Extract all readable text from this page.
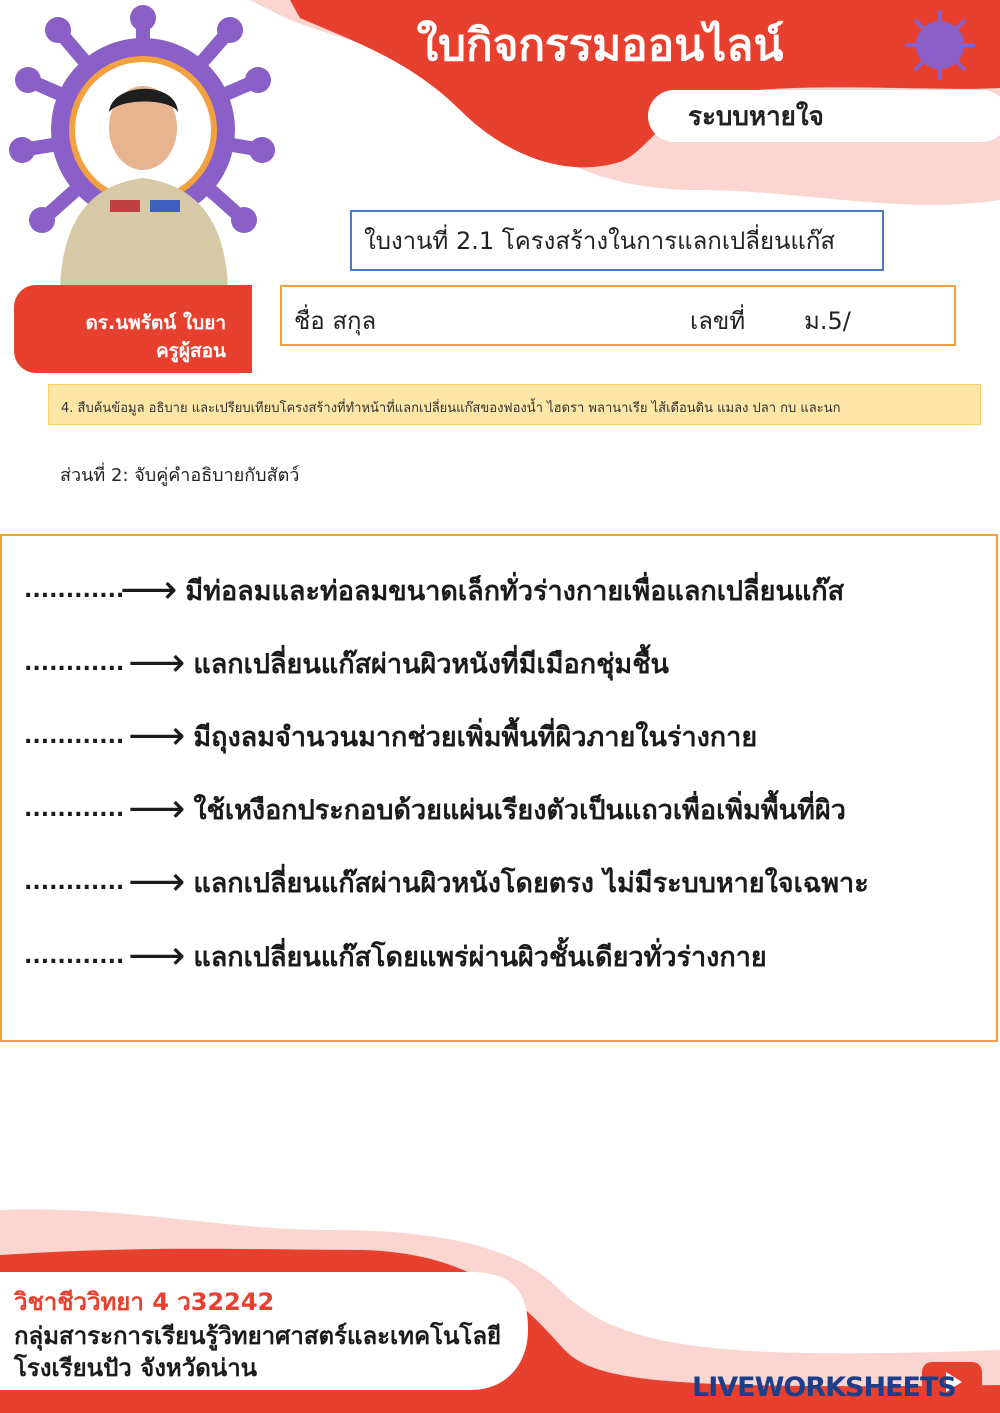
ใบกิจกรรมออนไลน์
ระบบหายใจ
ดร.นพรัตน์ ใบยา
ครูผู้สอน
ใบงานที่ 2.1 โครงสร้างในการแลกเปลี่ยนแก๊ส
ชื่อ สกุล	เลขที่ ม.5/
4. สืบค้นข้อมูล อธิบาย และเปรียบเทียบโครงสร้างที่ทำหน้าที่แลกเปลี่ยนแก๊สของฟองน้ำ ไฮดรา พลานาเรีย ไส้เดือนดิน แมลง ปลา กบ และนก
ส่วนที่ 2: จับคู่คำอธิบายกับสัตว์
............
⟶ มีท่อลมและท่อลมขนาดเล็กทั่วร่างกายเพื่อแลกเปลี่ยนแก๊ส
............ ⟶ แลกเปลี่ยนแก๊สผ่านผิวหนังที่มีเมือกชุ่มชื้น
............ ⟶ มีถุงลมจำนวนมากช่วยเพิ่มพื้นที่ผิวภายในร่างกาย
............ ⟶ ใช้เหงือกประกอบด้วยแผ่นเรียงตัวเป็นแถวเพื่อเพิ่มพื้นที่ผิว
............ ⟶ แลกเปลี่ยนแก๊สผ่านผิวหนังโดยตรง ไม่มีระบบหายใจเฉพาะ
............ ⟶ แลกเปลี่ยนแก๊สโดยแพร่ผ่านผิวชั้นเดียวทั่วร่างกาย
วิชาชีววิทยา 4 ว32242
กลุ่มสาระการเรียนรู้วิทยาศาสตร์และเทคโนโลยี
โรงเรียนปัว จังหวัดน่าน
LIVEWORKSHEETS
